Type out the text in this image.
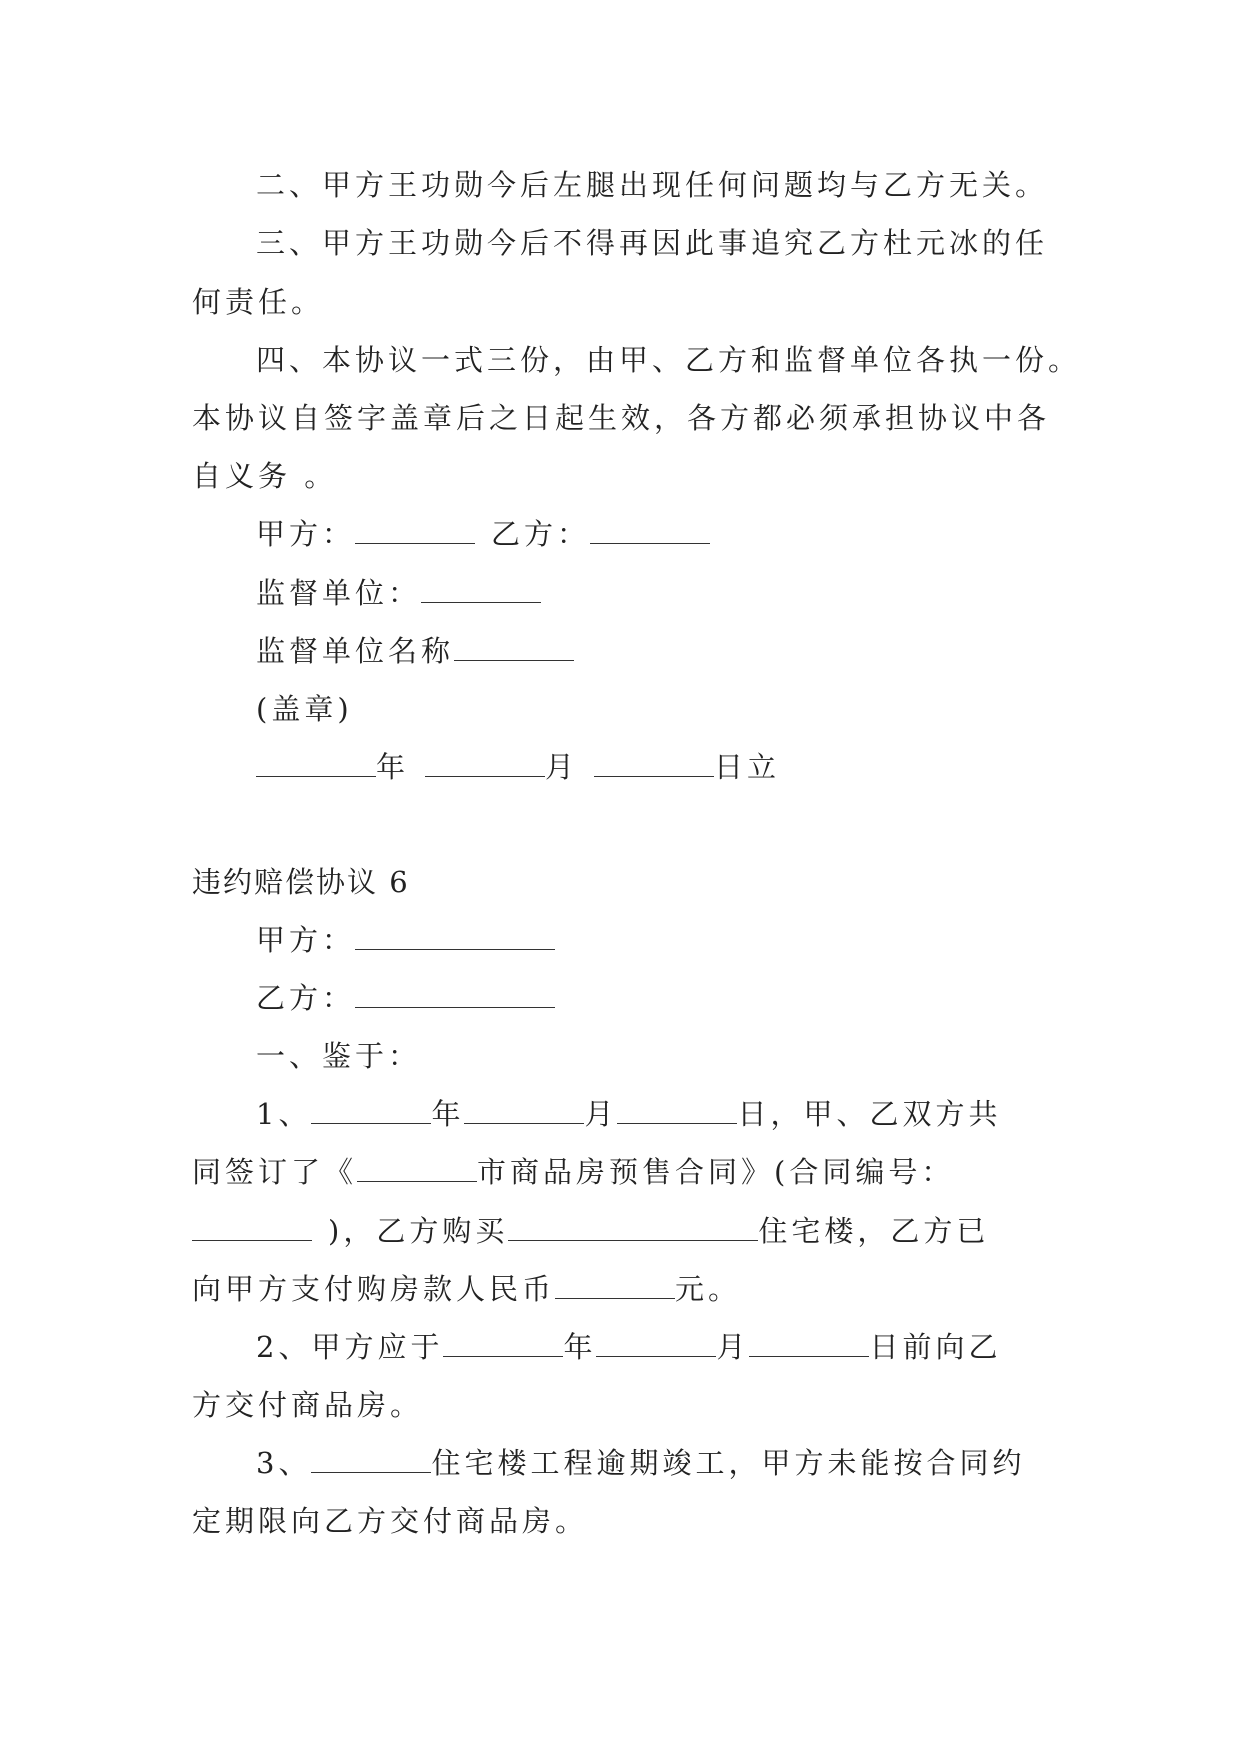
二、甲方王功勋今后左腿出现任何问题均与乙方无关。
三、甲方王功勋今后不得再因此事追究乙方杜元冰的任
何责任。
四、本协议一式三份，由甲、乙方和监督单位各执一份。
本协议自签字盖章后之日起生效，各方都必须承担协议中各
自义务 。
甲方：	乙方：
监督单位：
监督单位名称
(盖章)
年	月	日立
违约赔偿协议 6
甲方：
乙方：
一、鉴于：
1、	年	月	日，甲、乙双方共
同签订了《	市商品房预售合同》(合同编号：
)，乙方购买	住宅楼，乙方已
向甲方支付购房款人民币	元。
2、甲方应于	年	月	日前向乙
方交付商品房。
3、	住宅楼工程逾期竣工，甲方未能按合同约
定期限向乙方交付商品房。
